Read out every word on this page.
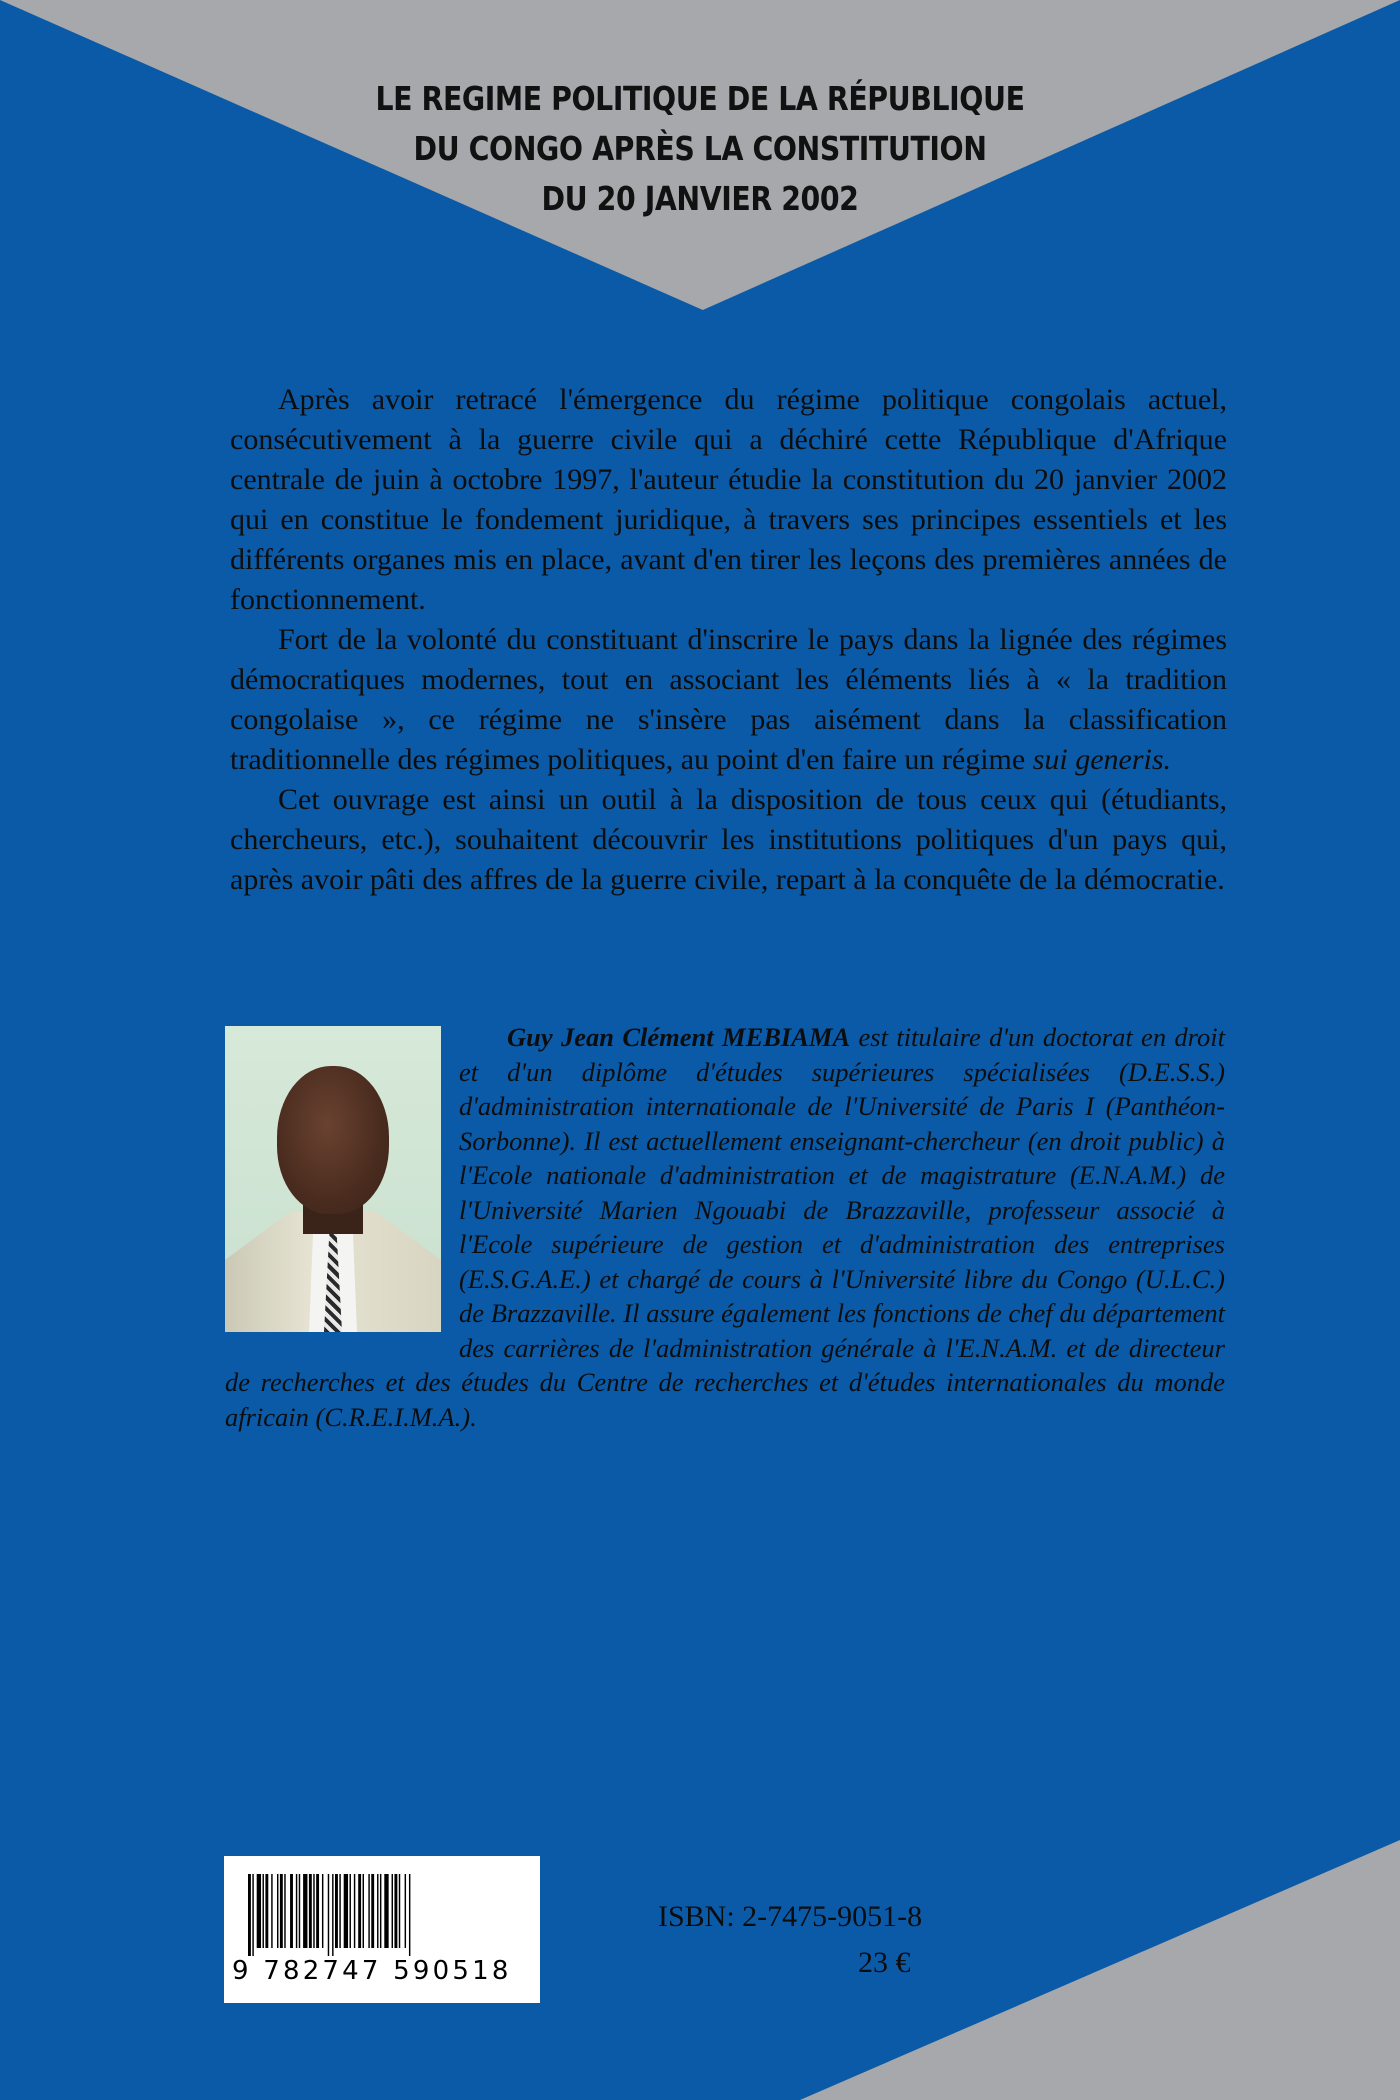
LE REGIME POLITIQUE DE LA RÉPUBLIQUE
DU CONGO APRÈS LA CONSTITUTION
DU 20 JANVIER 2002

Après avoir retracé l'émergence du régime politique congolais actuel, consécutivement à la guerre civile qui a déchiré cette République d'Afrique centrale de juin à octobre 1997, l'auteur étudie la constitution du 20 janvier 2002 qui en constitue le fondement juridique, à travers ses principes essentiels et les différents organes mis en place, avant d'en tirer les leçons des premières années de fonctionnement.

Fort de la volonté du constituant d'inscrire le pays dans la lignée des régimes démocratiques modernes, tout en associant les éléments liés à « la tradition congolaise », ce régime ne s'insère pas aisément dans la classification traditionnelle des régimes politiques, au point d'en faire un régime sui generis.

Cet ouvrage est ainsi un outil à la disposition de tous ceux qui (étudiants, chercheurs, etc.), souhaitent découvrir les institutions politiques d'un pays qui, après avoir pâti des affres de la guerre civile, repart à la conquête de la démocratie.

Guy Jean Clément MEBIAMA est titulaire d'un doctorat en droit et d'un diplôme d'études supérieures spécialisées (D.E.S.S.) d'administration internationale de l'Université de Paris I (Panthéon-Sorbonne). Il est actuellement enseignant-chercheur (en droit public) à l'Ecole nationale d'administration et de magistrature (E.N.A.M.) de l'Université Marien Ngouabi de Brazzaville, professeur associé à l'Ecole supérieure de gestion et d'administration des entreprises (E.S.G.A.E.) et chargé de cours à l'Université libre du Congo (U.L.C.) de Brazzaville. Il assure également les fonctions de chef du département des carrières de l'administration générale à l'E.N.A.M. et de directeur de recherches et des études du Centre de recherches et d'études internationales du monde africain (C.R.E.I.M.A.).
9 782747 590518
ISBN: 2-7475-9051-8
23 €
